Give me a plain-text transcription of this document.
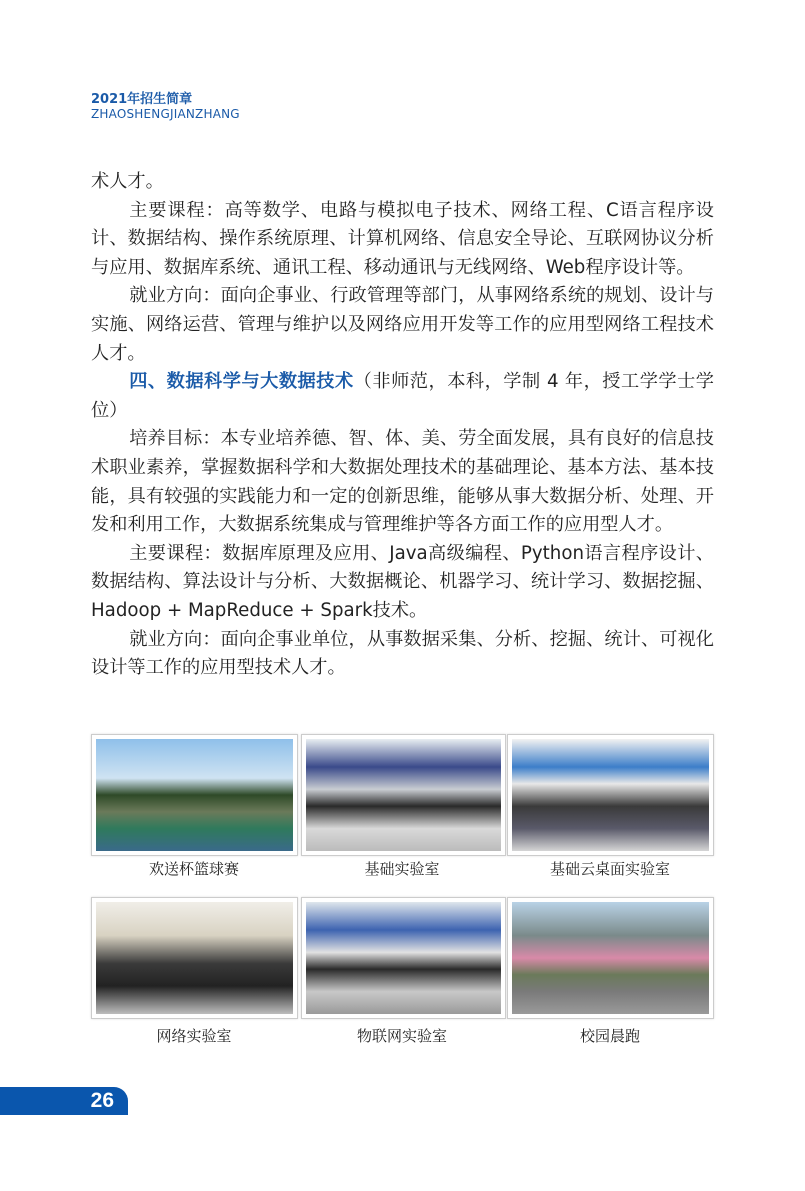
2021年招生简章
ZHAOSHENGJIANZHANG

术人才。

主要课程：高等数学、电路与模拟电子技术、网络工程、C语言程序设计、数据结构、操作系统原理、计算机网络、信息安全导论、互联网协议分析与应用、数据库系统、通讯工程、移动通讯与无线网络、Web程序设计等。

就业方向：面向企事业、行政管理等部门，从事网络系统的规划、设计与实施、网络运营、管理与维护以及网络应用开发等工作的应用型网络工程技术人才。

四、数据科学与大数据技术（非师范，本科，学制 4 年，授工学学士学位）

培养目标：本专业培养德、智、体、美、劳全面发展，具有良好的信息技术职业素养，掌握数据科学和大数据处理技术的基础理论、基本方法、基本技能，具有较强的实践能力和一定的创新思维，能够从事大数据分析、处理、开发和利用工作，大数据系统集成与管理维护等各方面工作的应用型人才。

主要课程：数据库原理及应用、Java高级编程、Python语言程序设计、数据结构、算法设计与分析、大数据概论、机器学习、统计学习、数据挖掘、Hadoop + MapReduce + Spark技术。

就业方向：面向企事业单位，从事数据采集、分析、挖掘、统计、可视化设计等工作的应用型技术人才。

欢送杯篮球赛	基础实验室	基础云桌面实验室
网络实验室	物联网实验室	校园晨跑
26
